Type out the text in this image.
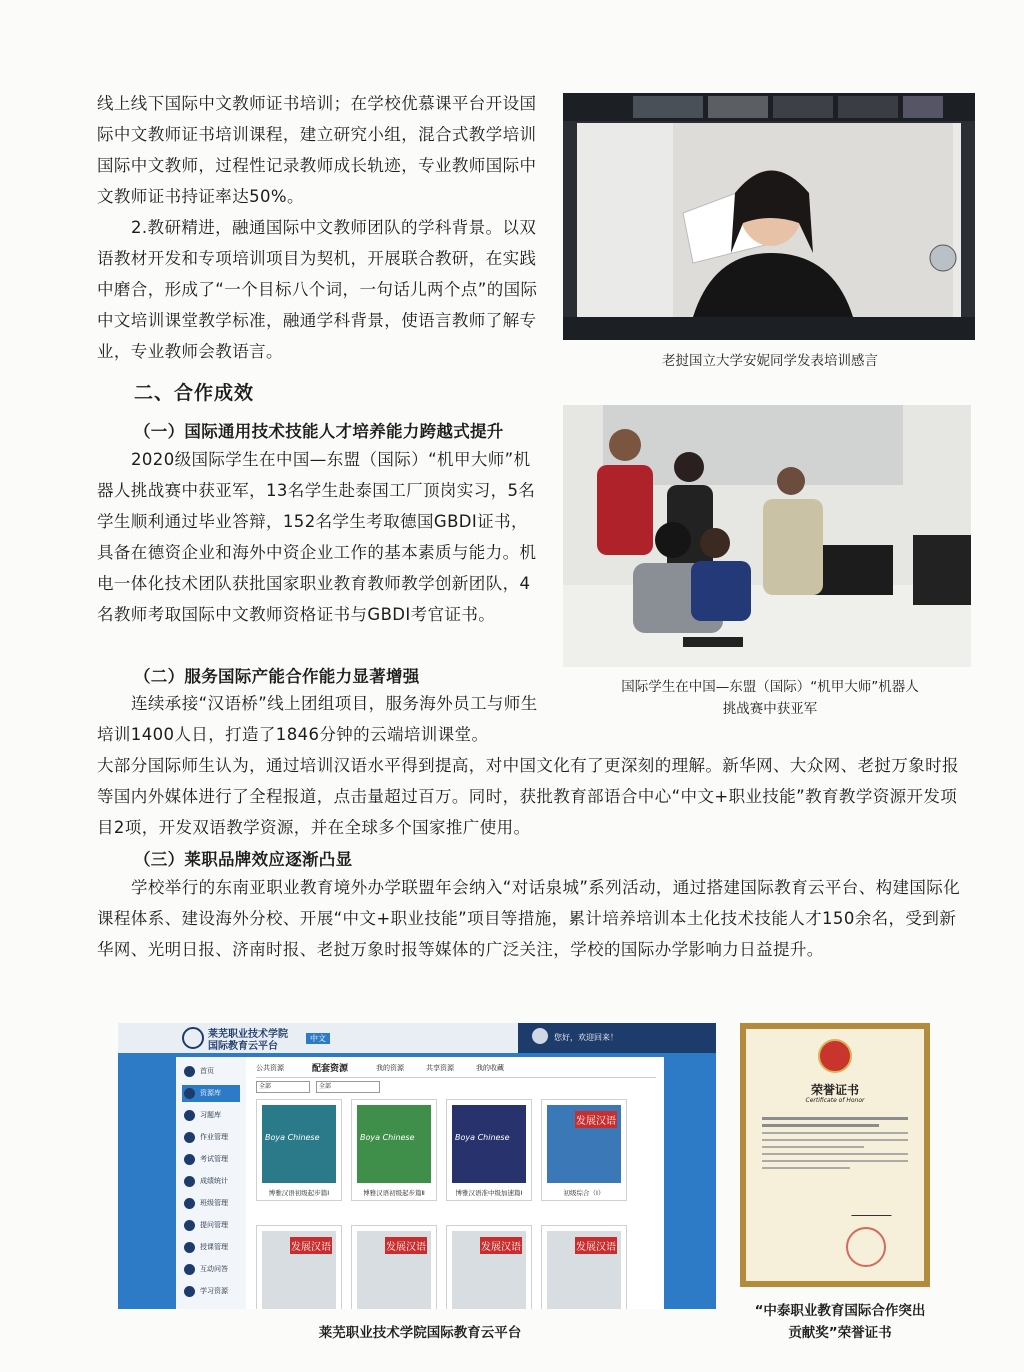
线上线下国际中文教师证书培训；在学校优慕课平台开设国际中文教师证书培训课程，建立研究小组，混合式教学培训国际中文教师，过程性记录教师成长轨迹，专业教师国际中文教师证书持证率达50%。

2.教研精进，融通国际中文教师团队的学科背景。以双语教材开发和专项培训项目为契机，开展联合教研，在实践中磨合，形成了“一个目标八个词，一句话儿两个点”的国际中文培训课堂教学标准，融通学科背景，使语言教师了解专业，专业教师会教语言。

二、合作成效
（一）国际通用技术技能人才培养能力跨越式提升

2020级国际学生在中国—东盟（国际）“机甲大师”机器人挑战赛中获亚军，13名学生赴泰国工厂顶岗实习，5名学生顺利通过毕业答辩，152名学生考取德国GBDI证书，具备在德资企业和海外中资企业工作的基本素质与能力。机电一体化技术团队获批国家职业教育教师教学创新团队，4名教师考取国际中文教师资格证书与GBDI考官证书。

（二）服务国际产能合作能力显著增强

连续承接“汉语桥”线上团组项目，服务海外员工与师生培训1400人日，打造了1846分钟的云端培训课堂。

大部分国际师生认为，通过培训汉语水平得到提高，对中国文化有了更深刻的理解。新华网、大众网、老挝万象时报等国内外媒体进行了全程报道，点击量超过百万。同时，获批教育部语合中心“中文+职业技能”教育教学资源开发项目2项，开发双语教学资源，并在全球多个国家推广使用。

（三）莱职品牌效应逐渐凸显

学校举行的东南亚职业教育境外办学联盟年会纳入“对话泉城”系列活动，通过搭建国际教育云平台、构建国际化课程体系、建设海外分校、开展“中文+职业技能”项目等措施，累计培养培训本土化技术技能人才150余名，受到新华网、光明日报、济南时报、老挝万象时报等媒体的广泛关注，学校的国际办学影响力日益提升。

老挝国立大学安妮同学发表培训感言

国际学生在中国—东盟（国际）“机甲大师”机器人

挑战赛中获亚军

莱芜职业技术学院
国际教育云平台
中文	您好，欢迎回来！
首页
资源库
习题库
作业管理
考试管理
成绩统计
班级管理
提问管理
授课管理
互动问答
学习资源
公共资源	配套资源	我的资源	共享资源	我的收藏
全部	全部
Boya Chinese
博雅汉语初级起步篇Ⅰ
Boya Chinese
博雅汉语初级起步篇Ⅱ
Boya Chinese
博雅汉语准中级加速篇Ⅰ
发展汉语
初级综合（I）
发展汉语	发展汉语	发展汉语	发展汉语

莱芜职业技术学院国际教育云平台

荣誉证书
Certificate of Honor

“中泰职业教育国际合作突出

贡献奖”荣誉证书
